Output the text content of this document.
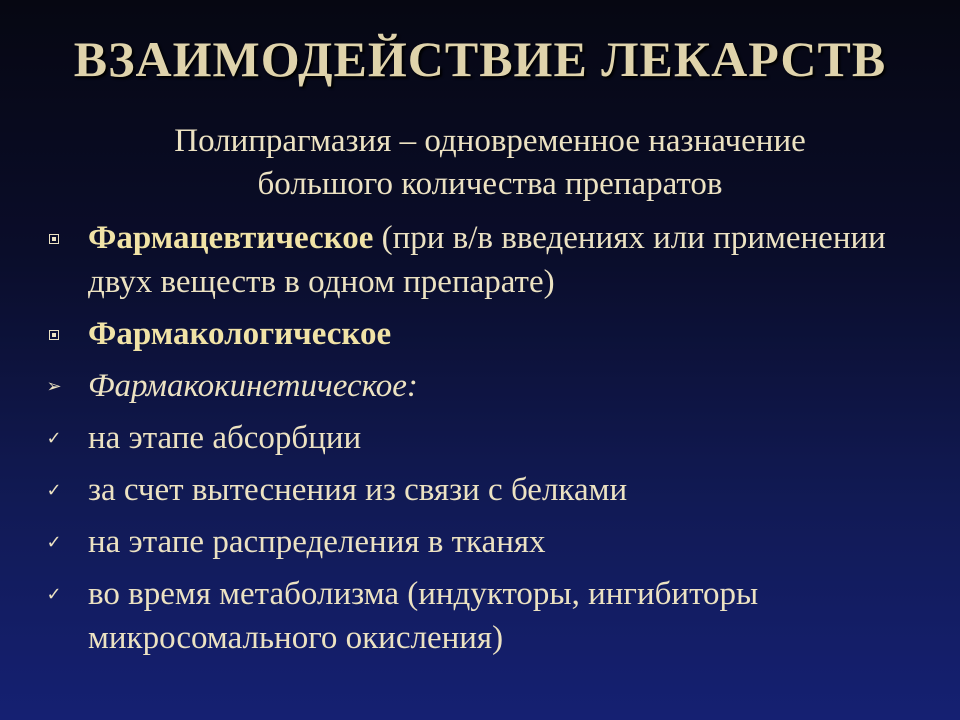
ВЗАИМОДЕЙСТВИЕ ЛЕКАРСТВ
Полипрагмазия – одновременное назначение
большого количества препаратов
Фармацевтическое (при в/в введениях или применении двух веществ в одном препарате)
Фармакологическое
➢ Фармакокинетическое:
✓ на этапе абсорбции
✓ за счет вытеснения из связи с белками
✓ на этапе распределения в тканях
✓ во время метаболизма (индукторы, ингибиторы микросомального окисления)
